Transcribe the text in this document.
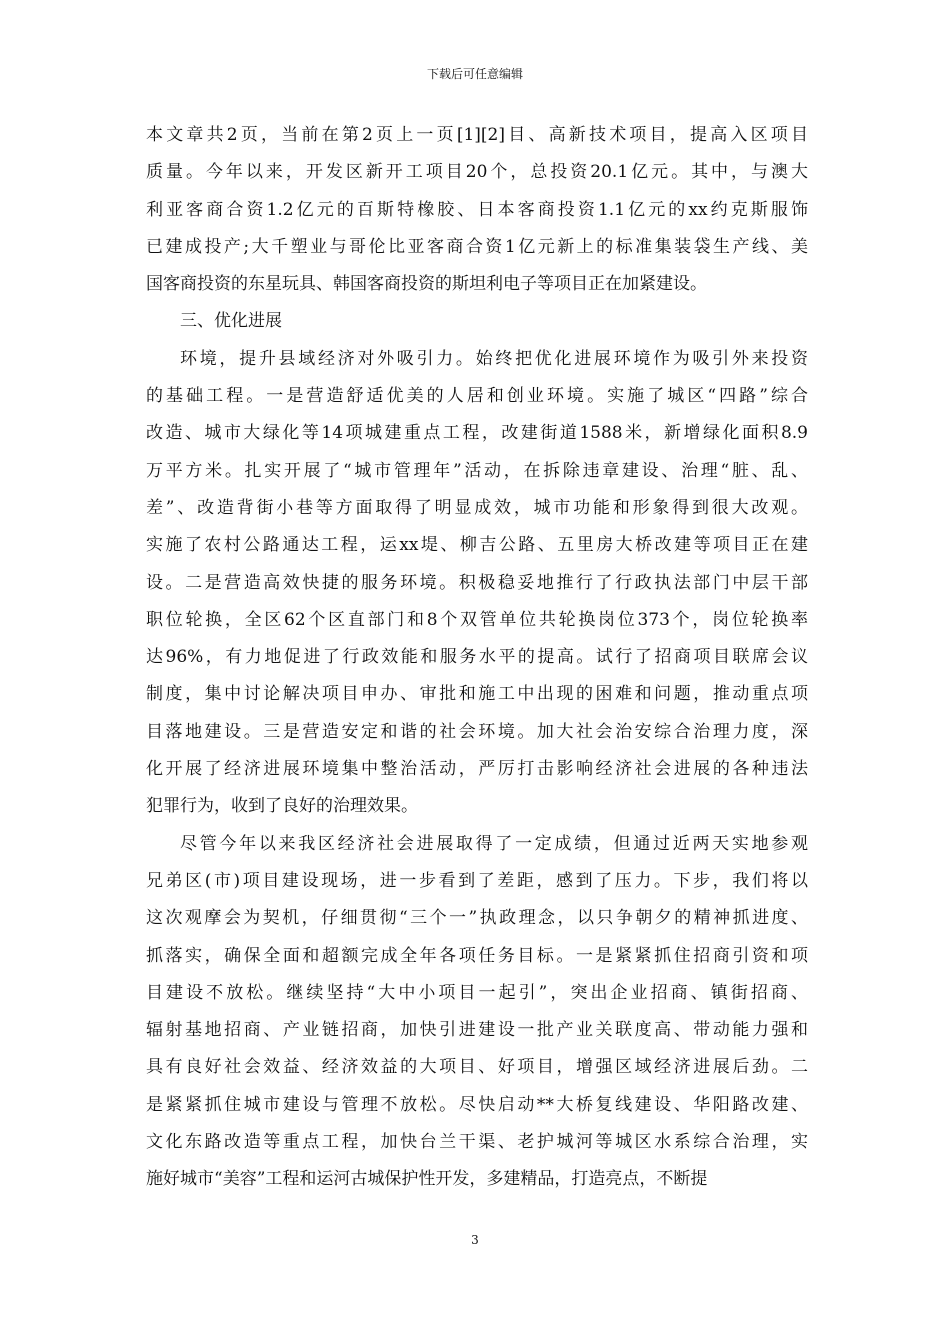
下载后可任意编辑
本文章共2页，当前在第2页上一页[1][2]目、高新技术项目，提高入区项目
质量。今年以来，开发区新开工项目20个，总投资20.1亿元。其中，与澳大
利亚客商合资1.2亿元的百斯特橡胶、日本客商投资1.1亿元的xx约克斯服饰
已建成投产;大千塑业与哥伦比亚客商合资1亿元新上的标准集装袋生产线、美
国客商投资的东星玩具、韩国客商投资的斯坦利电子等项目正在加紧建设。
三、优化进展
环境，提升县域经济对外吸引力。始终把优化进展环境作为吸引外来投资
的基础工程。一是营造舒适优美的人居和创业环境。实施了城区“四路”综合
改造、城市大绿化等14项城建重点工程，改建街道1588米，新增绿化面积8.9
万平方米。扎实开展了“城市管理年”活动，在拆除违章建设、治理“脏、乱、
差”、改造背街小巷等方面取得了明显成效，城市功能和形象得到很大改观。
实施了农村公路通达工程，运xx堤、柳吉公路、五里房大桥改建等项目正在建
设。二是营造高效快捷的服务环境。积极稳妥地推行了行政执法部门中层干部
职位轮换，全区62个区直部门和8个双管单位共轮换岗位373个，岗位轮换率
达96%，有力地促进了行政效能和服务水平的提高。试行了招商项目联席会议
制度，集中讨论解决项目申办、审批和施工中出现的困难和问题，推动重点项
目落地建设。三是营造安定和谐的社会环境。加大社会治安综合治理力度，深
化开展了经济进展环境集中整治活动，严厉打击影响经济社会进展的各种违法
犯罪行为，收到了良好的治理效果。
尽管今年以来我区经济社会进展取得了一定成绩，但通过近两天实地参观
兄弟区(市)项目建设现场，进一步看到了差距，感到了压力。下步，我们将以
这次观摩会为契机，仔细贯彻“三个一”执政理念，以只争朝夕的精神抓进度、
抓落实，确保全面和超额完成全年各项任务目标。一是紧紧抓住招商引资和项
目建设不放松。继续坚持“大中小项目一起引”，突出企业招商、镇街招商、
辐射基地招商、产业链招商，加快引进建设一批产业关联度高、带动能力强和
具有良好社会效益、经济效益的大项目、好项目，增强区域经济进展后劲。二
是紧紧抓住城市建设与管理不放松。尽快启动**大桥复线建设、华阳路改建、
文化东路改造等重点工程，加快台兰干渠、老护城河等城区水系综合治理，实
施好城市“美容”工程和运河古城保护性开发，多建精品，打造亮点，不断提
3
